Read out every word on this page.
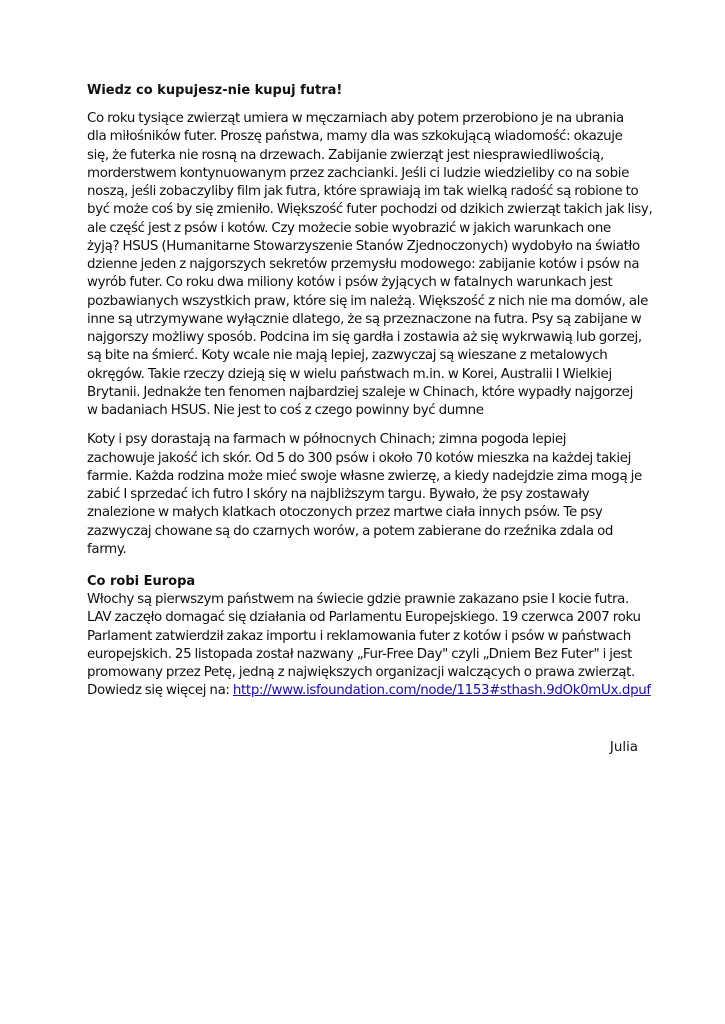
Wiedz co kupujesz-nie kupuj futra!
Co roku tysiące zwierząt umiera w męczarniach aby potem przerobiono je na ubrania
dla miłośników futer. Proszę państwa, mamy dla was szkokującą wiadomość: okazuje
się, że futerka nie rosną na drzewach. Zabijanie zwierząt jest niesprawiedliwością,
morderstwem kontynuowanym przez zachcianki. Jeśli ci ludzie wiedzieliby co na sobie
noszą, jeśli zobaczyliby film jak futra, które sprawiają im tak wielką radość są robione to
być może coś by się zmieniło. Większość futer pochodzi od dzikich zwierząt takich jak lisy,
ale część jest z psów i kotów. Czy możecie sobie wyobrazić w jakich warunkach one
żyją? HSUS (Humanitarne Stowarzyszenie Stanów Zjednoczonych) wydobyło na światło
dzienne jeden z najgorszych sekretów przemysłu modowego: zabijanie kotów i psów na
wyrób futer. Co roku dwa miliony kotów i psów żyjących w fatalnych warunkach jest
pozbawianych wszystkich praw, które się im należą. Większość z nich nie ma domów, ale
inne są utrzymywane wyłącznie dlatego, że są przeznaczone na futra. Psy są zabijane w
najgorszy możliwy sposób. Podcina im się gardła i zostawia aż się wykrwawią lub gorzej,
są bite na śmierć. Koty wcale nie mają lepiej, zazwyczaj są wieszane z metalowych
okręgów. Takie rzeczy dzieją się w wielu państwach m.in. w Korei, Australii I Wielkiej
Brytanii. Jednakże ten fenomen najbardziej szaleje w Chinach, które wypadły najgorzej
w badaniach HSUS. Nie jest to coś z czego powinny być dumne
Koty i psy dorastają na farmach w północnych Chinach; zimna pogoda lepiej
zachowuje jakość ich skór. Od 5 do 300 psów i około 70 kotów mieszka na każdej takiej
farmie. Każda rodzina może mieć swoje własne zwierzę, a kiedy nadejdzie zima mogą je
zabić I sprzedać ich futro I skóry na najbliższym targu. Bywało, że psy zostawały
znalezione w małych klatkach otoczonych przez martwe ciała innych psów. Te psy
zazwyczaj chowane są do czarnych worów, a potem zabierane do rzeźnika zdala od
farmy.
Co robi Europa
Włochy są pierwszym państwem na świecie gdzie prawnie zakazano psie I kocie futra.
LAV zaczęło domagać się działania od Parlamentu Europejskiego. 19 czerwca 2007 roku
Parlament zatwierdził zakaz importu i reklamowania futer z kotów i psów w państwach
europejskich. 25 listopada został nazwany „Fur-Free Day" czyli „Dniem Bez Futer" i jest
promowany przez Petę, jedną z największych organizacji walczących o prawa zwierząt.
Dowiedz się więcej na: http://www.isfoundation.com/node/1153#sthash.9dOk0mUx.dpuf
Julia
